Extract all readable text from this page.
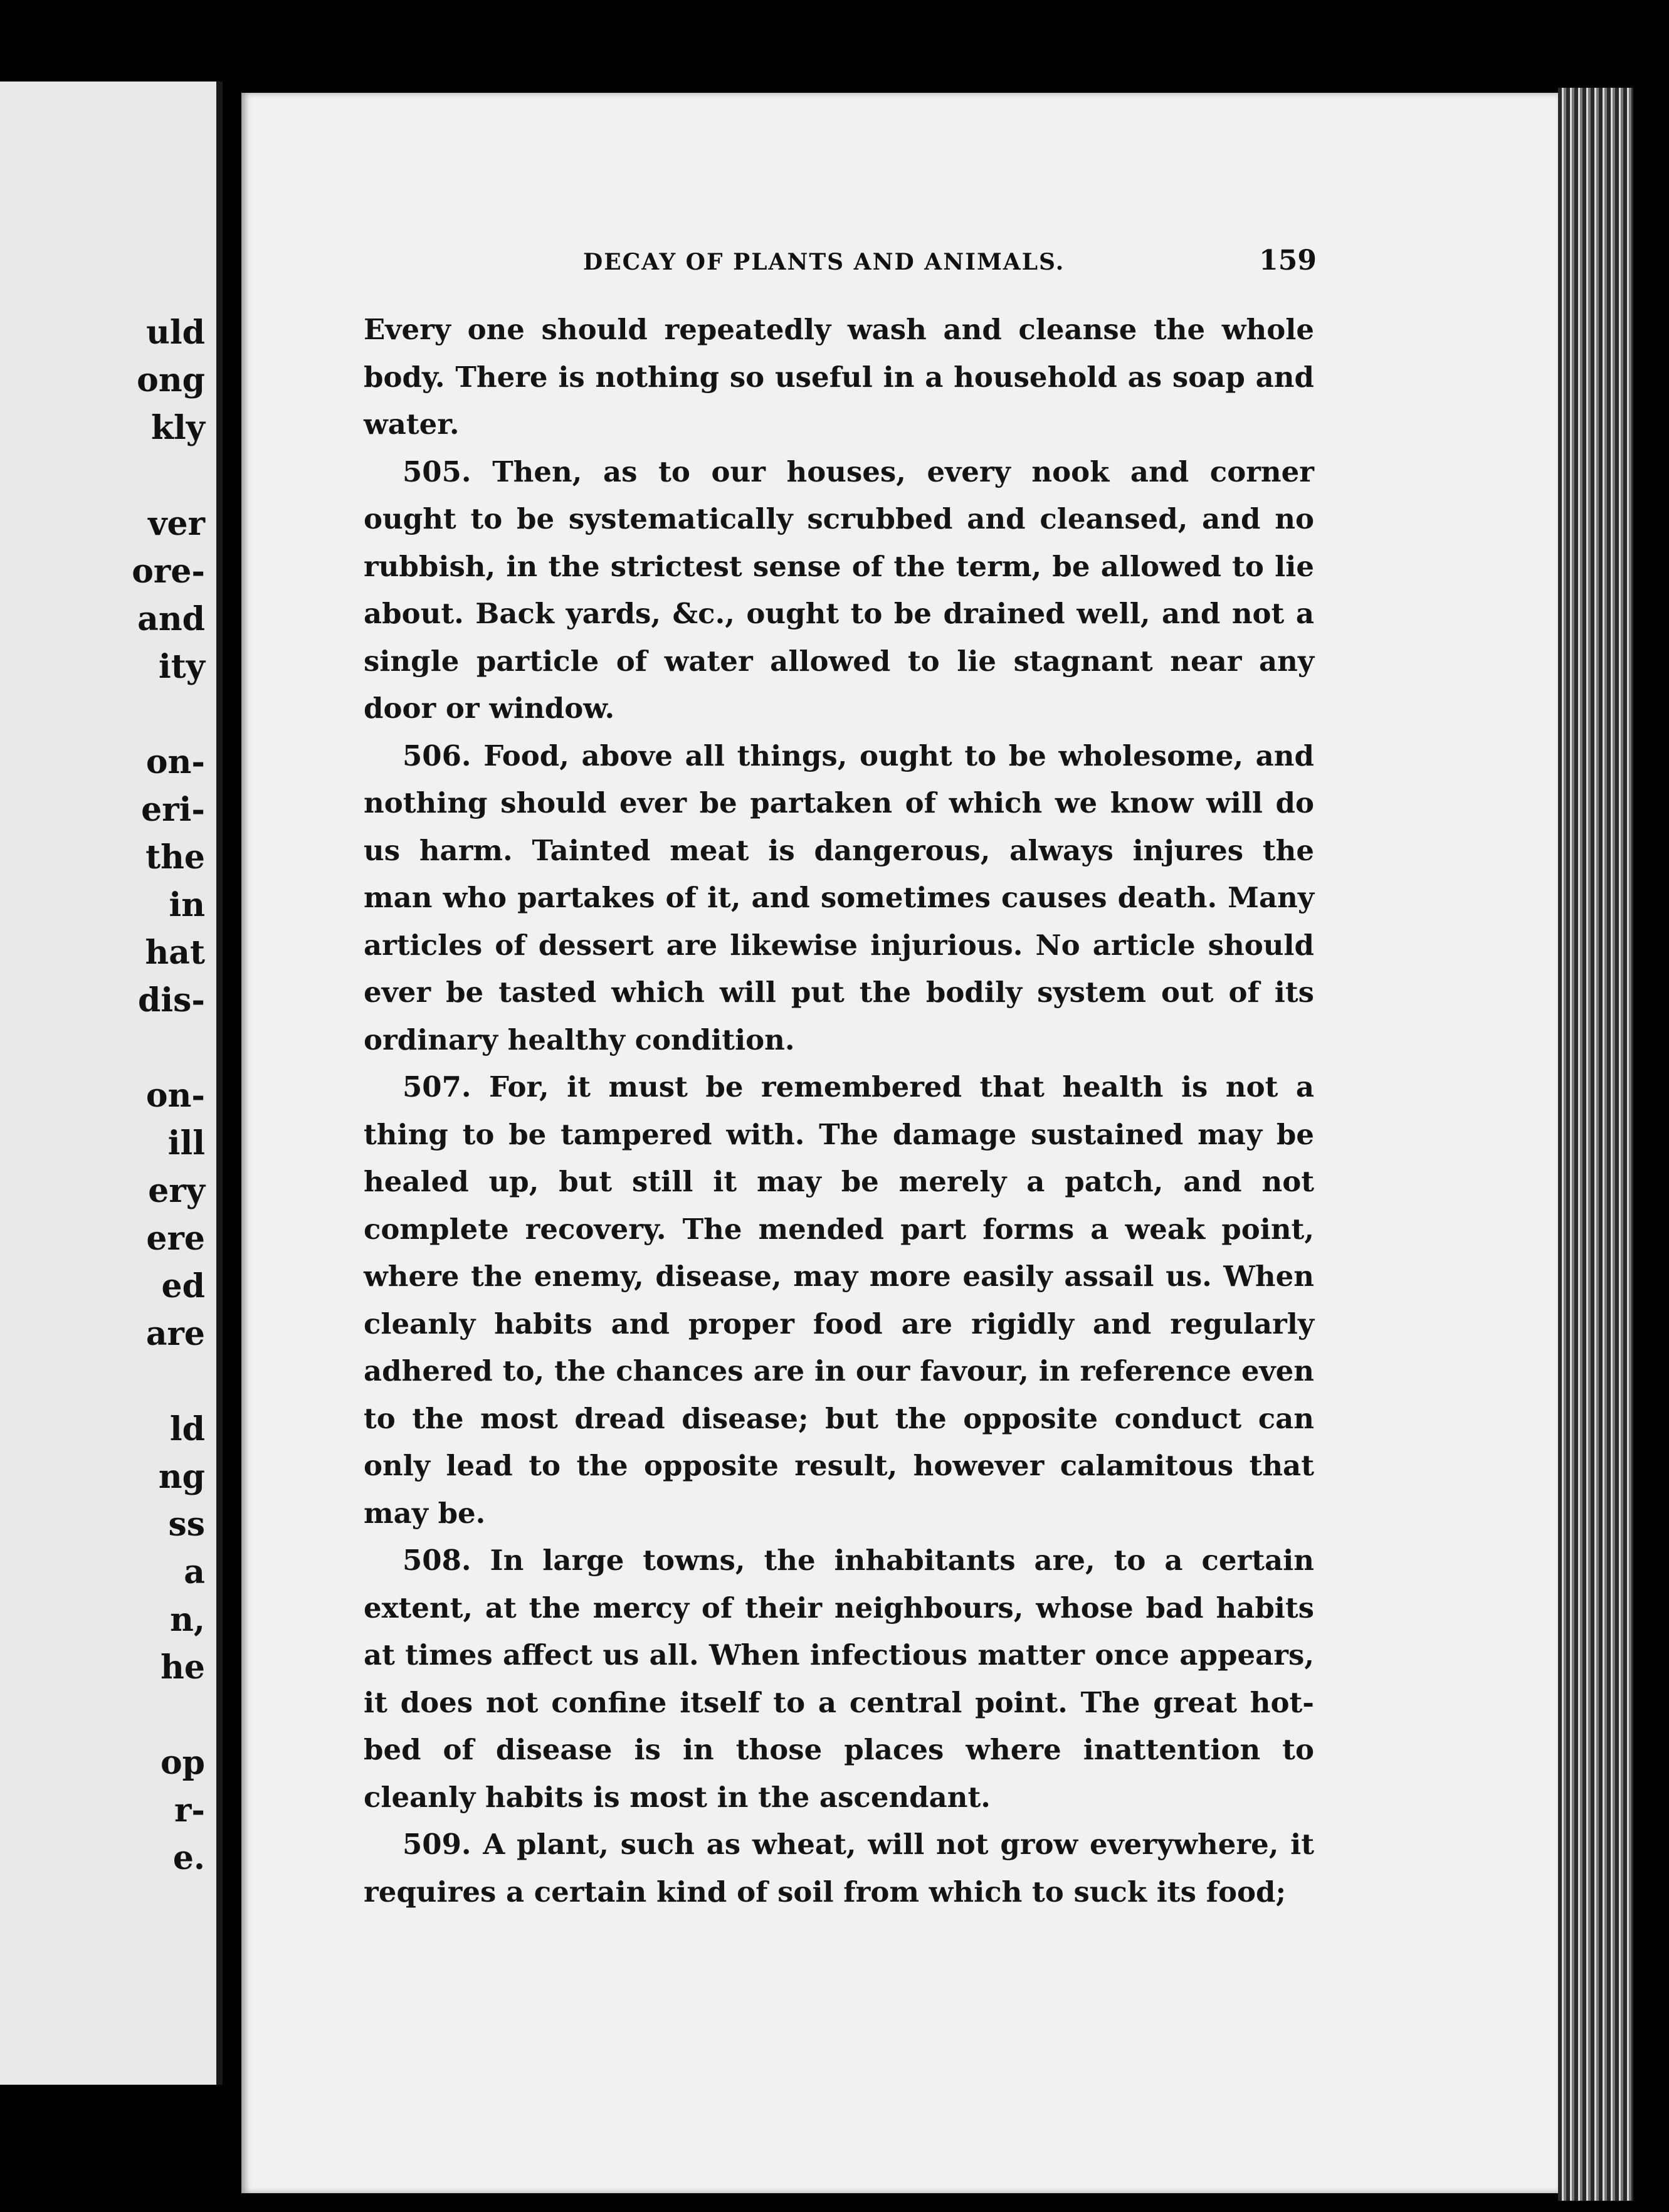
uld
ong
kly
ver
ore-
and
ity
on-
eri-
the
in
hat
dis-
on-
ill
ery
ere
ed
are
ld
ng
ss
a
n,
he
op
r-
e.
DECAY OF PLANTS AND ANIMALS.	159

Every one should repeatedly wash and cleanse the whole body. There is nothing so useful in a household as soap and water.

505. Then, as to our houses, every nook and corner ought to be systematically scrubbed and cleansed, and no rubbish, in the strictest sense of the term, be allowed to lie about. Back yards, &c., ought to be drained well, and not a single particle of water allowed to lie stagnant near any door or window.

506. Food, above all things, ought to be wholesome, and nothing should ever be partaken of which we know will do us harm. Tainted meat is dangerous, always injures the man who partakes of it, and sometimes causes death. Many articles of dessert are likewise injurious. No article should ever be tasted which will put the bodily system out of its ordinary healthy condition.

507. For, it must be remembered that health is not a thing to be tampered with. The damage sustained may be healed up, but still it may be merely a patch, and not complete recovery. The mended part forms a weak point, where the enemy, disease, may more easily assail us. When cleanly habits and proper food are rigidly and regularly adhered to, the chances are in our favour, in reference even to the most dread disease; but the opposite conduct can only lead to the opposite result, however calamitous that may be.

508. In large towns, the inhabitants are, to a certain extent, at the mercy of their neighbours, whose bad habits at times affect us all. When infectious matter once appears, it does not confine itself to a central point. The great hot-bed of disease is in those places where inattention to cleanly habits is most in the ascendant.

509. A plant, such as wheat, will not grow everywhere, it requires a certain kind of soil from which to suck its food;
